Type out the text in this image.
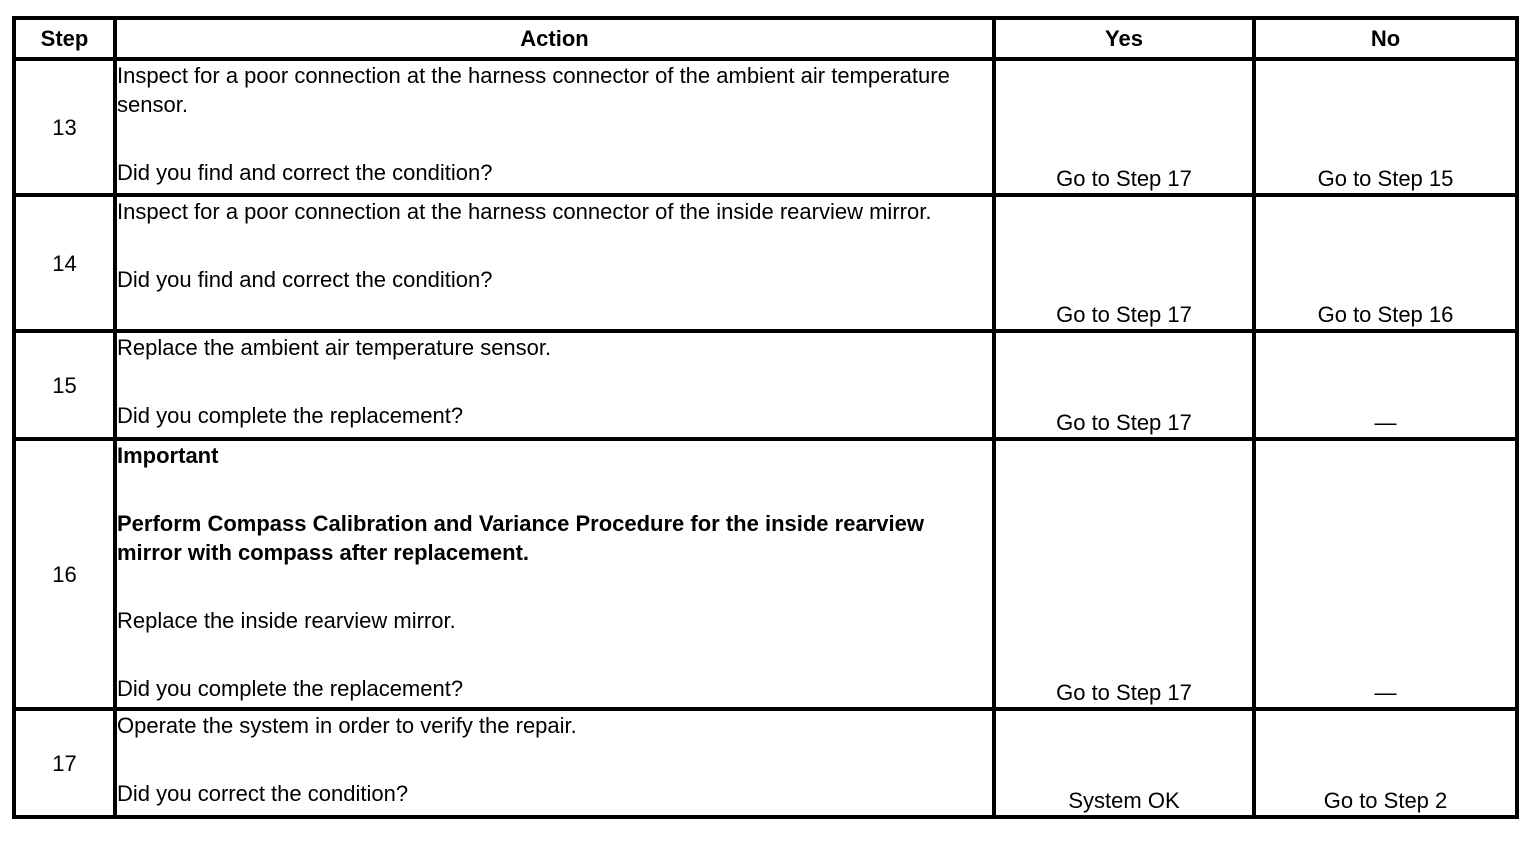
Step	Action	Yes	No
13	Inspect for a poor connection at the harness connector of the ambient air temperature sensor.
Did you find and correct the condition?	Go to Step 17	Go to Step 15
14	Inspect for a poor connection at the harness connector of the inside rearview mirror.
Did you find and correct the condition?	Go to Step 17	Go to Step 16
15	Replace the ambient air temperature sensor.
Did you complete the replacement?	Go to Step 17	—
16	Important
Perform Compass Calibration and Variance Procedure for the inside rearview mirror with compass after replacement.
Replace the inside rearview mirror.
Did you complete the replacement?	Go to Step 17	—
17	Operate the system in order to verify the repair.
Did you correct the condition?	System OK	Go to Step 2
